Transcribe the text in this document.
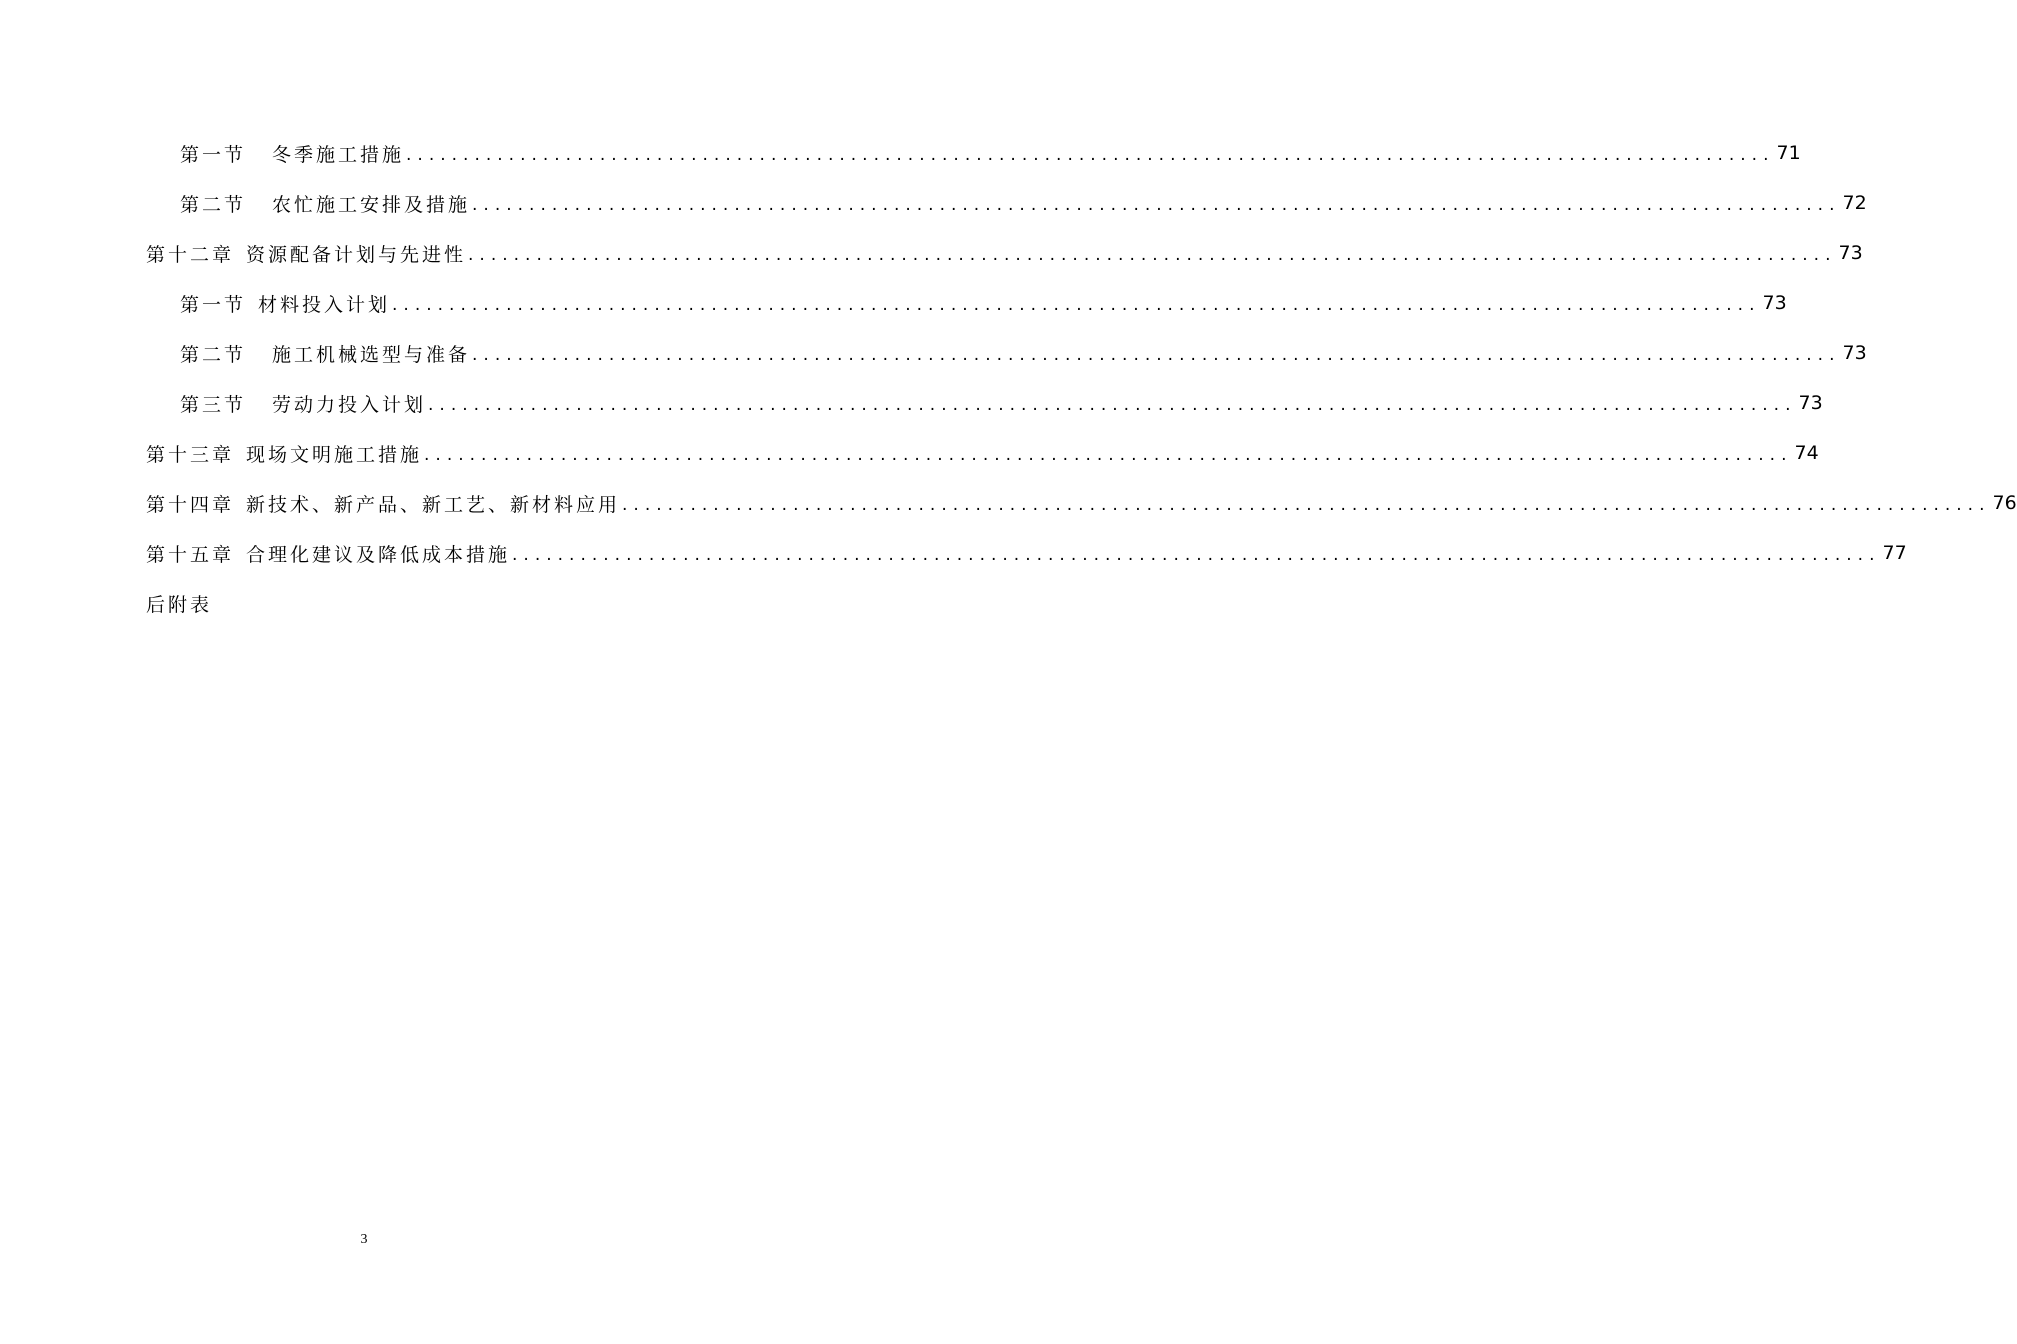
第一节 冬季施工措施 ........................................................................................................................ 71
第二节 农忙施工安排及措施 ........................................................................................................................ 72
第十二章 资源配备计划与先进性 ........................................................................................................................ 73
第一节 材料投入计划 ........................................................................................................................ 73
第二节 施工机械选型与准备 ........................................................................................................................ 73
第三节 劳动力投入计划 ........................................................................................................................ 73
第十三章 现场文明施工措施 ........................................................................................................................ 74
第十四章 新技术、新产品、新工艺、新材料应用 ........................................................................................................................ 76
第十五章 合理化建议及降低成本措施 ........................................................................................................................ 77
后附表
3
